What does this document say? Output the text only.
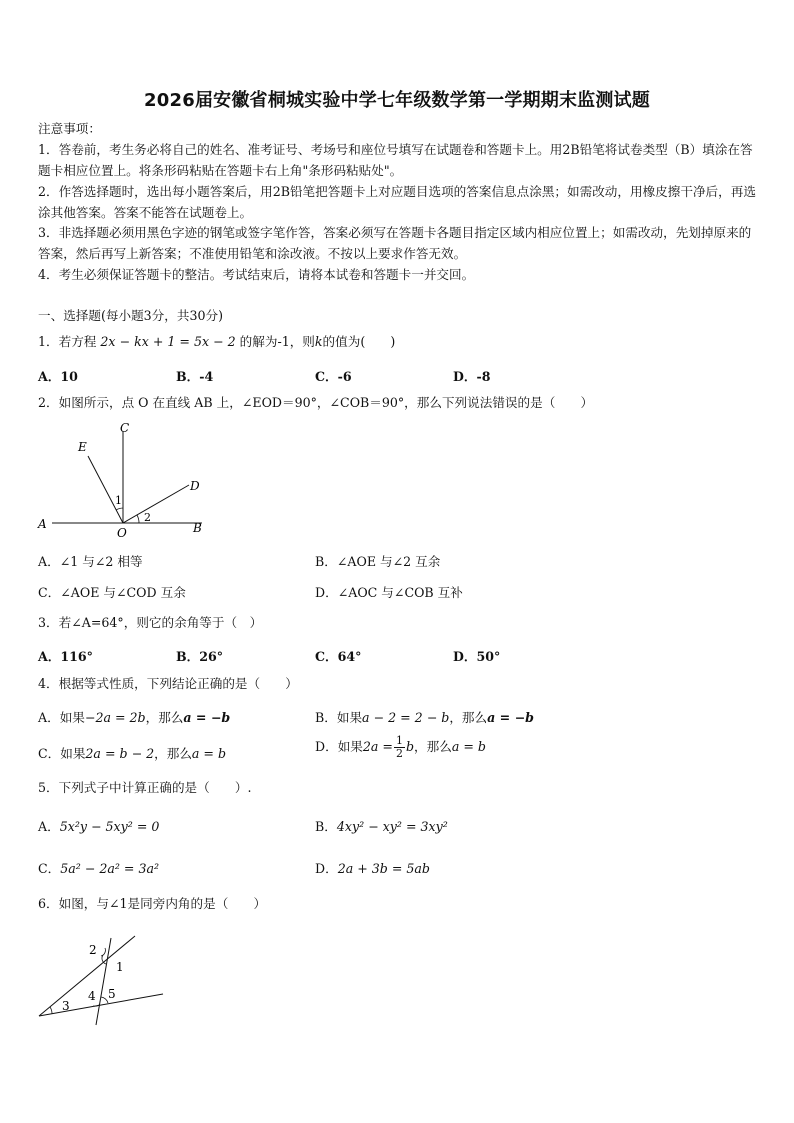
2026届安徽省桐城实验中学七年级数学第一学期期末监测试题
注意事项：
1．答卷前，考生务必将自己的姓名、准考证号、考场号和座位号填写在试题卷和答题卡上。用2B铅笔将试卷类型（B）填涂在答题卡相应位置上。将条形码粘贴在答题卡右上角"条形码粘贴处"。
2．作答选择题时，选出每小题答案后，用2B铅笔把答题卡上对应题目选项的答案信息点涂黑；如需改动，用橡皮擦干净后，再选涂其他答案。答案不能答在试题卷上。
3．非选择题必须用黑色字迹的钢笔或签字笔作答，答案必须写在答题卡各题目指定区域内相应位置上；如需改动，先划掉原来的答案，然后再写上新答案；不准使用铅笔和涂改液。不按以上要求作答无效。
4．考生必须保证答题卡的整洁。考试结束后，请将本试卷和答题卡一并交回。
一、选择题(每小题3分，共30分)
1．若方程 2x − kx + 1 = 5x − 2 的解为-1，则k的值为(　　)
A．10	B．-4	C．-6	D．-8
2．如图所示，点 O 在直线 AB 上，∠EOD＝90°，∠COB＝90°，那么下列说法错误的是（　　）
C
E
D
A
O	B
1
2
A．∠1 与∠2 相等	B．∠AOE 与∠2 互余
C．∠AOE 与∠COD 互余	D．∠AOC 与∠COB 互补
3．若∠A=64°，则它的余角等于（　）
A．116°	B．26°	C．64°	D．50°
4．根据等式性质，下列结论正确的是（　　）
A．如果−2a = 2b，那么a = −b	B．如果a − 2 = 2 − b，那么a = −b
C．如果2a = b − 2，那么a = b	D．如果$2a = \frac{1}{2}$ b，那么a = b
5．下列式子中计算正确的是（　　）.
A．5x²y − 5xy² = 0	B．4xy² − xy² = 3xy²
C．5a² − 2a² = 3a²	D．2a + 3b = 5ab
6．如图，与∠1是同旁内角的是（　　）
2
1
3
4 5
